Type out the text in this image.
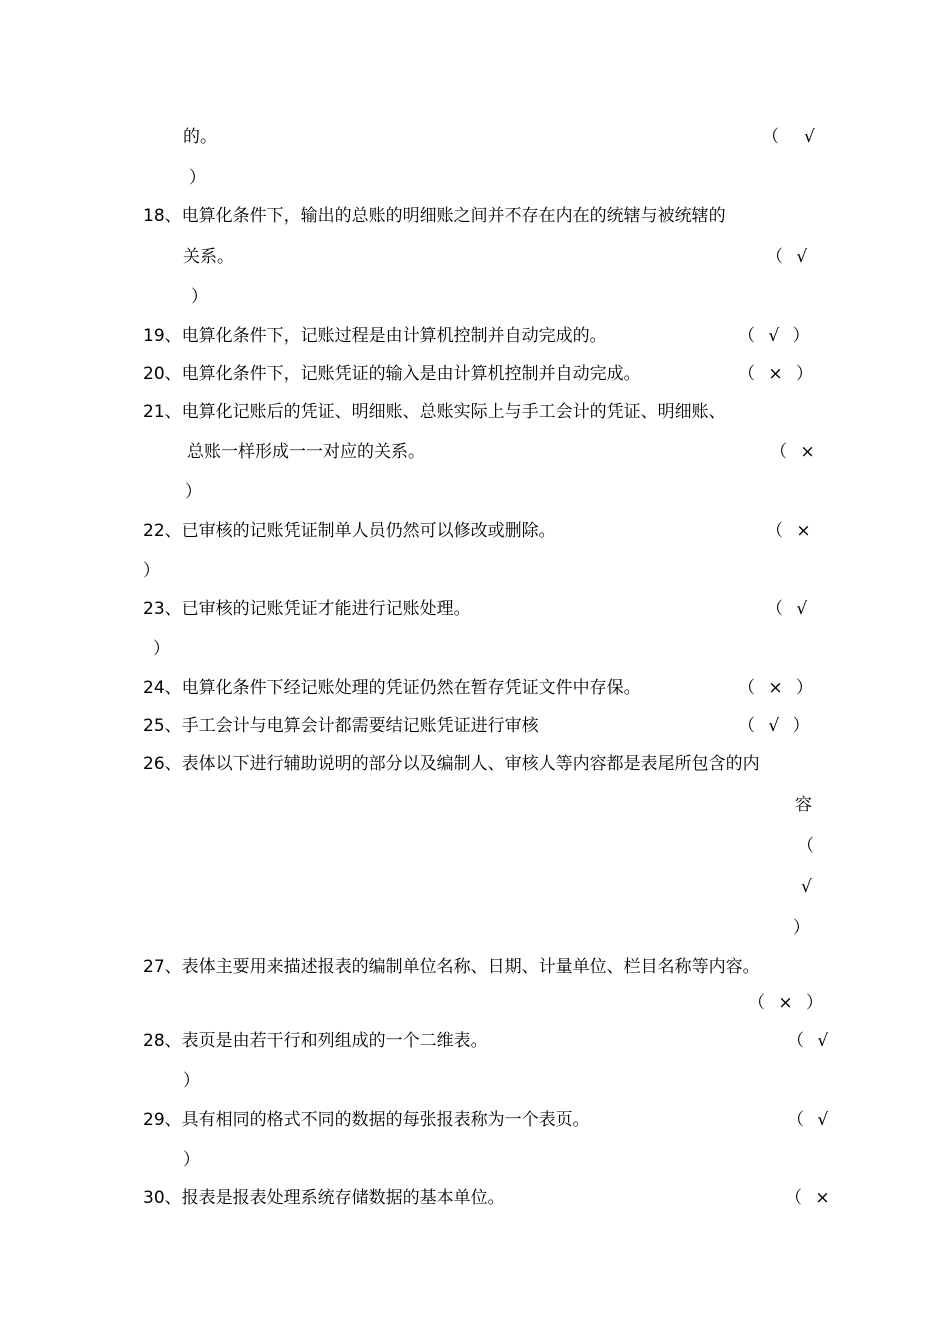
的。	（　√
）
18、电算化条件下，输出的总账的明细账之间并不存在内在的统辖与被统辖的
关系。	（ √
）
19、电算化条件下，记账过程是由计算机控制并自动完成的。	（ √ ）
20、电算化条件下，记账凭证的输入是由计算机控制并自动完成。	（ × ）
21、电算化记账后的凭证、明细账、总账实际上与手工会计的凭证、明细账、
总账一样形成一一对应的关系。	（ ×
）
22、已审核的记账凭证制单人员仍然可以修改或删除。	（ ×
）
23、已审核的记账凭证才能进行记账处理。	（ √
）
24、电算化条件下经记账处理的凭证仍然在暂存凭证文件中存保。	（ × ）
25、手工会计与电算会计都需要结记账凭证进行审核	（ √ ）
26、表体以下进行辅助说明的部分以及编制人、审核人等内容都是表尾所包含的内
容
（
√
）
27、表体主要用来描述报表的编制单位名称、日期、计量单位、栏目名称等内容。
（ × ）
28、表页是由若干行和列组成的一个二维表。	（ √
）
29、具有相同的格式不同的数据的每张报表称为一个表页。	（ √
）
30、报表是报表处理系统存储数据的基本单位。	（ ×
